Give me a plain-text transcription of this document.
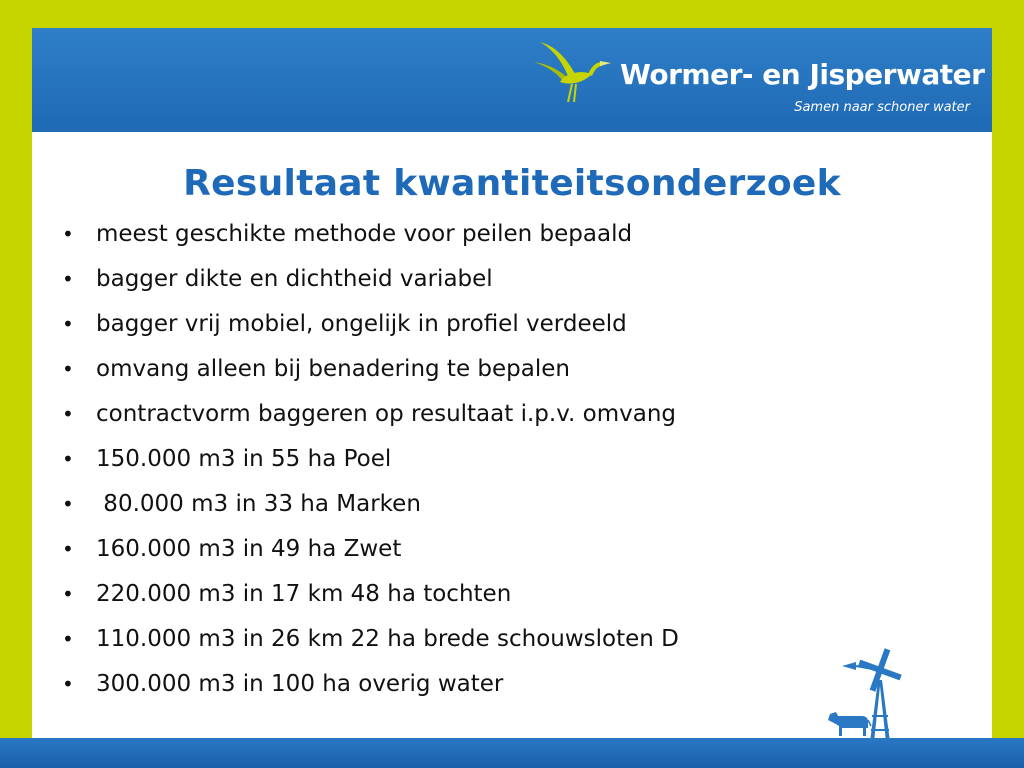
Wormer- en Jisperwater

Samen naar schoner water

Resultaat kwantiteitsonderzoek
• meest geschikte methode voor peilen bepaald
• bagger dikte en dichtheid variabel
• bagger vrij mobiel, ongelijk in profiel verdeeld
• omvang alleen bij benadering te bepalen
• contractvorm baggeren op resultaat i.p.v. omvang
• 150.000 m3 in 55 ha Poel
•  80.000 m3 in 33 ha Marken
• 160.000 m3 in 49 ha Zwet
• 220.000 m3 in 17 km 48 ha tochten
• 110.000 m3 in 26 km 22 ha brede schouwsloten D
• 300.000 m3 in 100 ha overig water
